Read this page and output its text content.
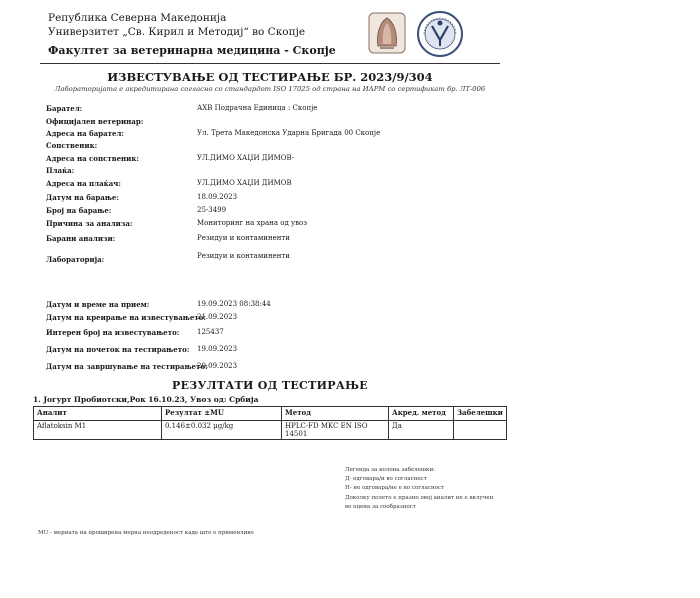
Република Северна Македонија
Универзитет „Св. Кирил и Методиј“ во Скопје
Факултет за ветеринарна медицина - Скопје
ИЗВЕСТУВАЊЕ ОД ТЕСТИРАЊЕ БР. 2023/9/304
Лабораторијата е акредитирана согласно со стандардот ISO 17025 од страна на ИАРМ со сертификат бр. ЛТ-006
Барател:	АХВ Подрачна Единица : Скопје
Официјален ветеринар:
Адреса на барател:	Ул. Трета Македонска Ударна Бригада 00 Скопје
Сопственик:
Адреса на сопственик:	УЛ.ДИМО ХАЏИ ДИМОВ-
Плаќа:
Адреса на плаќач:	УЛ.ДИМО ХАЏИ ДИМОВ
Датум на барање:	18.09.2023
Број на барање:	25-3499
Причина за анализа:	Мониторинг на храна од увоз
Барани анализи:	Резидуи и контаминенти
Лабораторија:	Резидуи и контаминенти
Датум и време на прием:	19.09.2023 08:38:44
Датум на креирање на известувањето:
21.09.2023
Интерен број на известувањето:	125437
Датум на почеток на тестирањето: 19.09.2023
Датум на завршување на тестирањето:
20.09.2023
РЕЗУЛТАТИ ОД ТЕСТИРАЊЕ
1. Јогурт Пробиотски,Рок 16.10.23, Увоз од: Србија
Аналит	Резултат ±MU	Метод	Акред. метод	Забелешки
Aflatoksin M1	0.146±0.032 μg/kg	HPLC-FD MKC EN ISO 14501	Да	
Легенда за колона забелешки:
Д- одговара/и во согласност
Н- не одговара/не е во согласност
Доколку полето е празно овој аналит не е вклучен
во оцена за сообразност
MU - мерната на проширена мерна неодреденост каде што е применливо
